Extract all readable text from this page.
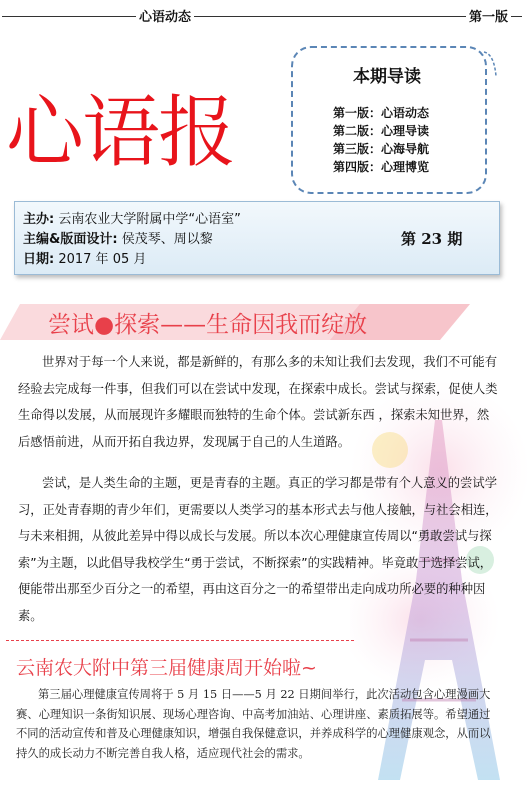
心语动态	第一版
心语报
本期导读
第一版：心语动态
第二版：心理导读
第三版：心海导航
第四版：心理博览
主办: 云南农业大学附属中学“心语室”
主编&版面设计: 侯茂琴、周以黎
日期: 2017 年 05 月
第 23 期
尝试●探索——生命因我而绽放
世界对于每一个人来说，都是新鲜的，有那么多的未知让我们去发现，我们不可能有经验去完成每一件事，但我们可以在尝试中发现，在探索中成长。尝试与探索，促使人类生命得以发展，从而展现许多耀眼而独特的生命个体。尝试新东西 ，探索未知世界，然后感悟前进，从而开拓自我边界，发现属于自己的人生道路。
尝试，是人类生命的主题，更是青春的主题。真正的学习都是带有个人意义的尝试学习，正处青春期的青少年们，更需要以人类学习的基本形式去与他人接触，与社会相连，与未来相拥，从彼此差异中得以成长与发展。所以本次心理健康宣传周以“勇敢尝试与探索”为主题，以此倡导我校学生“勇于尝试，不断探索”的实践精神。毕竟敢于选择尝试，便能带出那至少百分之一的希望，再由这百分之一的希望带出走向成功所必要的种种因素。
云南农大附中第三届健康周开始啦~
第三届心理健康宣传周将于 5 月 15 日——5 月 22 日期间举行，此次活动包含心理漫画大赛、心理知识一条街知识展、现场心理咨询、中高考加油站、心理讲座、素质拓展等。希望通过不同的活动宣传和普及心理健康知识，增强自我保健意识，并养成科学的心理健康观念，从而以持久的成长动力不断完善自我人格，适应现代社会的需求。
